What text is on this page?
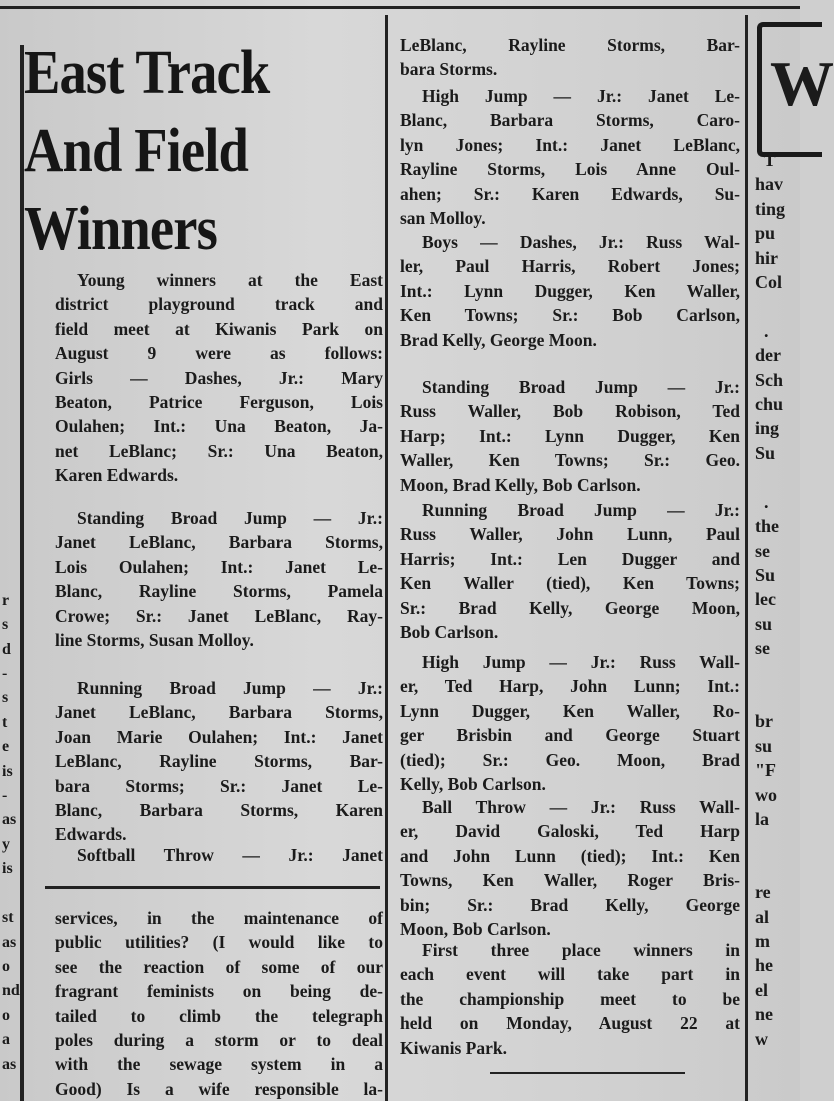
East Track
And Field
Winners
Young winners at the East
district playground track and
field meet at Kiwanis Park on
August 9 were as follows:
Girls — Dashes, Jr.: Mary
Beaton, Patrice Ferguson, Lois
Oulahen; Int.: Una Beaton, Ja-
net LeBlanc; Sr.: Una Beaton,
Karen Edwards.
Standing Broad Jump — Jr.:
Janet LeBlanc, Barbara Storms,
Lois Oulahen; Int.: Janet Le-
Blanc, Rayline Storms, Pamela
Crowe; Sr.: Janet LeBlanc, Ray-
line Storms, Susan Molloy.
Running Broad Jump — Jr.:
Janet LeBlanc, Barbara Storms,
Joan Marie Oulahen; Int.: Janet
LeBlanc, Rayline Storms, Bar-
bara Storms; Sr.: Janet Le-
Blanc, Barbara Storms, Karen
Edwards.
Softball Throw — Jr.: Janet
services, in the maintenance of
public utilities? (I would like to
see the reaction of some of our
fragrant feminists on being de-
tailed to climb the telegraph
poles during a storm or to deal
with the sewage system in a
Good) Is a wife responsible la-
LeBlanc, Rayline Storms, Bar-
bara Storms.
High Jump — Jr.: Janet Le-
Blanc, Barbara Storms, Caro-
lyn Jones; Int.: Janet LeBlanc,
Rayline Storms, Lois Anne Oul-
ahen; Sr.: Karen Edwards, Su-
san Molloy.
Boys — Dashes, Jr.: Russ Wal-
ler, Paul Harris, Robert Jones;
Int.: Lynn Dugger, Ken Waller,
Ken Towns; Sr.: Bob Carlson,
Brad Kelly, George Moon.
Standing Broad Jump — Jr.:
Russ Waller, Bob Robison, Ted
Harp; Int.: Lynn Dugger, Ken
Waller, Ken Towns; Sr.: Geo.
Moon, Brad Kelly, Bob Carlson.
Running Broad Jump — Jr.:
Russ Waller, John Lunn, Paul
Harris; Int.: Len Dugger and
Ken Waller (tied), Ken Towns;
Sr.: Brad Kelly, George Moon,
Bob Carlson.
High Jump — Jr.: Russ Wall-
er, Ted Harp, John Lunn; Int.:
Lynn Dugger, Ken Waller, Ro-
ger Brisbin and George Stuart
(tied); Sr.: Geo. Moon, Brad
Kelly, Bob Carlson.
Ball Throw — Jr.: Russ Wall-
er, David Galoski, Ted Harp
and John Lunn (tied); Int.: Ken
Towns, Ken Waller, Roger Bris-
bin; Sr.: Brad Kelly, George
Moon, Bob Carlson.
First three place winners in
each event will take part in
the championship meet to be
held on Monday, August 22 at
Kiwanis Park.
W
T
hav
ting
pu
hir
Col

.
der
Sch
chu
ing
Su

.
the
se
Su
lec
su
se

br
su
"F
wo
la

re
al
m
he
el
ne
w

r
s
d
-
s
t
e
is
-
as
y
is

st
as
o
nd
o
a
as
